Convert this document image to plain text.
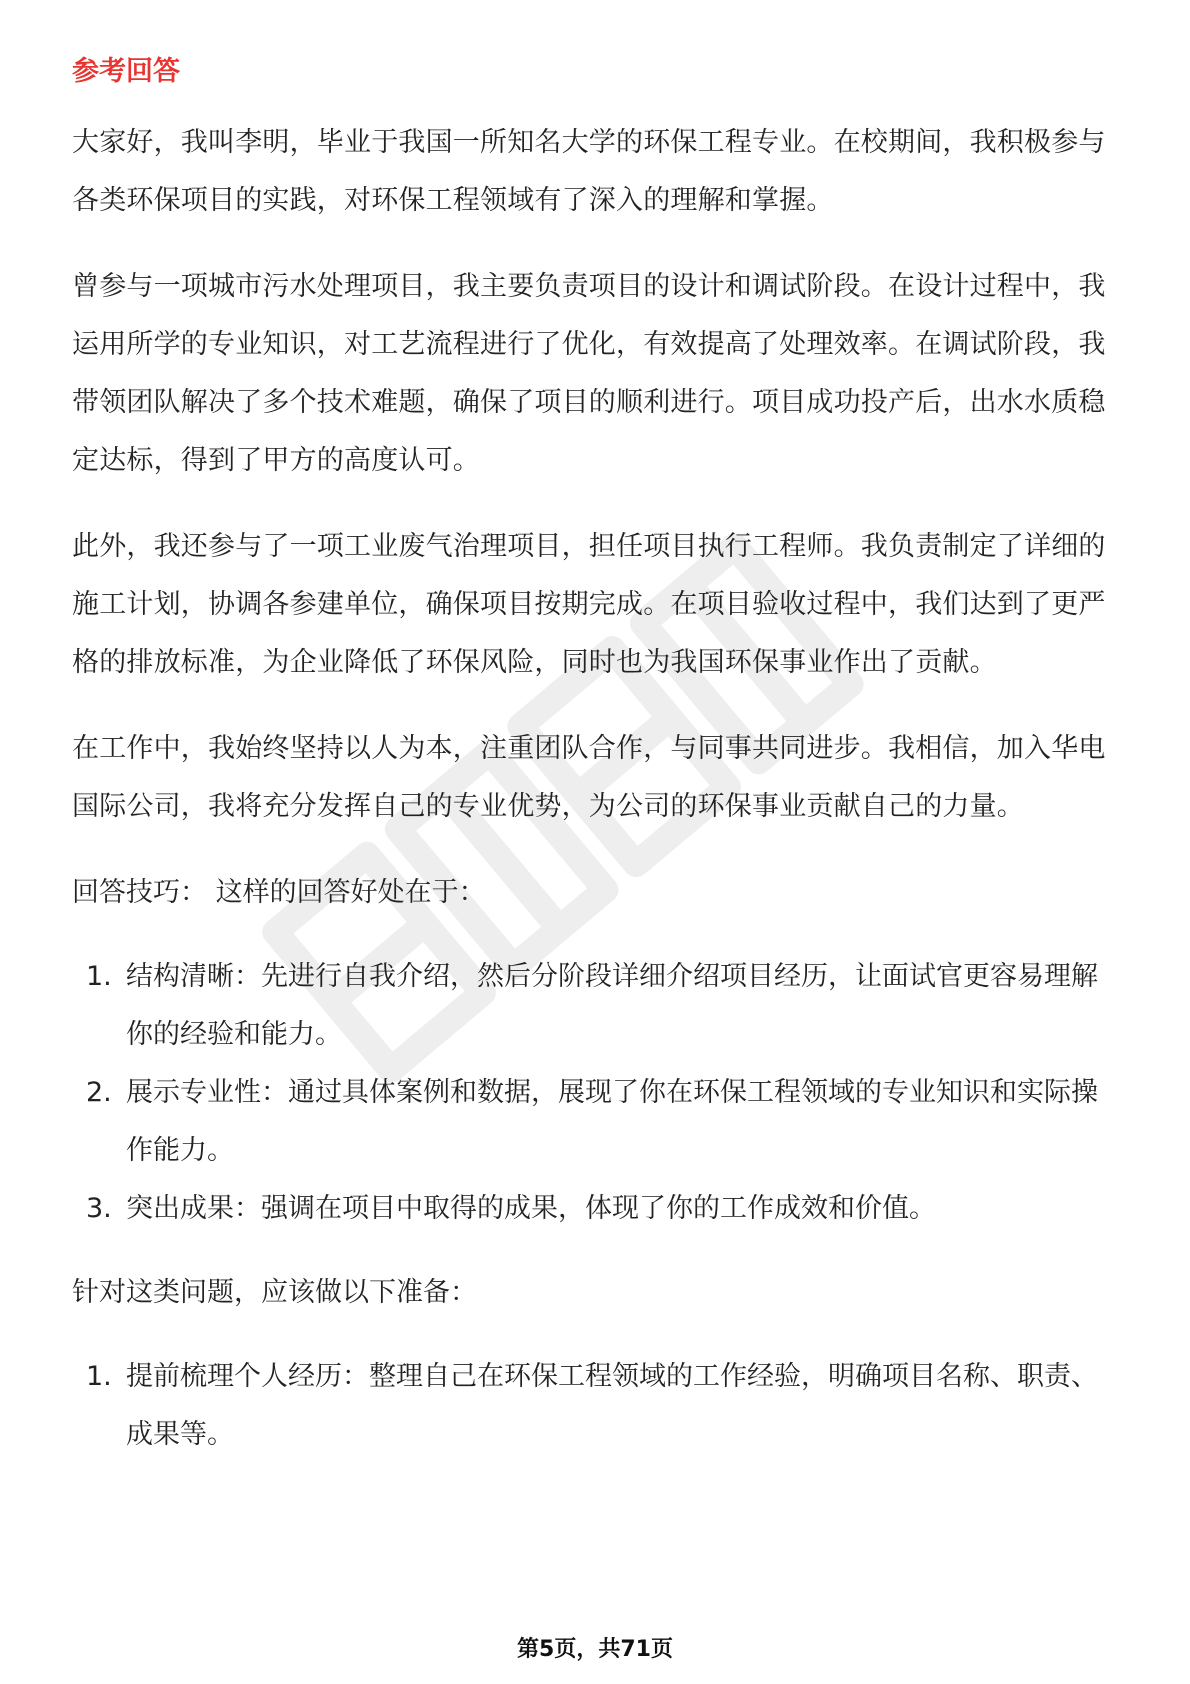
参考回答

大家好，我叫李明，毕业于我国一所知名大学的环保工程专业。在校期间，我积极参与各类环保项目的实践，对环保工程领域有了深入的理解和掌握。

曾参与一项城市污水处理项目，我主要负责项目的设计和调试阶段。在设计过程中，我运用所学的专业知识，对工艺流程进行了优化，有效提高了处理效率。在调试阶段，我带领团队解决了多个技术难题，确保了项目的顺利进行。项目成功投产后，出水水质稳定达标，得到了甲方的高度认可。

此外，我还参与了一项工业废气治理项目，担任项目执行工程师。我负责制定了详细的施工计划，协调各参建单位，确保项目按期完成。在项目验收过程中，我们达到了更严格的排放标准，为企业降低了环保风险，同时也为我国环保事业作出了贡献。

在工作中，我始终坚持以人为本，注重团队合作，与同事共同进步。我相信，加入华电国际公司，我将充分发挥自己的专业优势，为公司的环保事业贡献自己的力量。

回答技巧： 这样的回答好处在于：
1. 结构清晰：先进行自我介绍，然后分阶段详细介绍项目经历，让面试官更容易理解你的经验和能力。
2. 展示专业性：通过具体案例和数据，展现了你在环保工程领域的专业知识和实际操作能力。
3. 突出成果：强调在项目中取得的成果，体现了你的工作成效和价值。
针对这类问题，应该做以下准备：
1. 提前梳理个人经历：整理自己在环保工程领域的工作经验，明确项目名称、职责、成果等。
第5页，共71页
